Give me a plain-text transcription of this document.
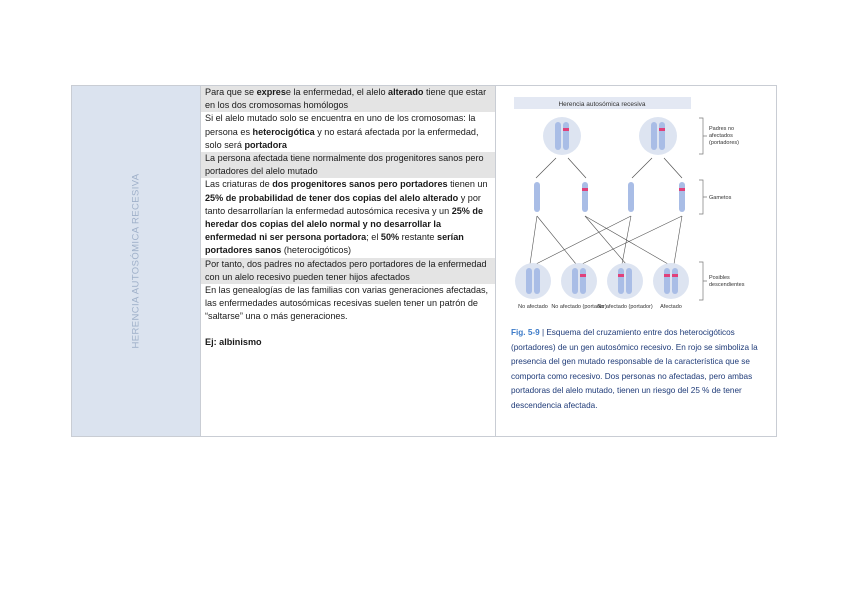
HERENCIA AUTOSÓMICA RECESIVA
Para que se exprese la enfermedad, el alelo alterado tiene que estar en los dos cromosomas homólogos
Si el alelo mutado solo se encuentra en uno de los cromosomas: la persona es heterocigótica y no estará afectada por la enfermedad, solo será portadora
La persona afectada tiene normalmente dos progenitores sanos pero portadores del alelo mutado
Las criaturas de dos progenitores sanos pero portadores tienen un 25% de probabilidad de tener dos copias del alelo alterado y por tanto desarrollarían la enfermedad autosómica recesiva y un 25% de heredar dos copias del alelo normal y no desarrollar la enfermedad ni ser persona portadora; el 50% restante serían portadores sanos (heterocigóticos)
Por tanto, dos padres no afectados pero portadores de la enfermedad con un alelo recesivo pueden tener hijos afectados
En las genealogías de las familias con varias generaciones afectadas, las enfermedades autosómicas recesivas suelen tener un patrón de “saltarse” una o más generaciones.
Ej: albinismo
Herencia autosómica recesiva
No afectado No afectado (portador)
No afectado (portador) Afectado
Padres no afectados (portadores)
Gametos
Posibles descendientes
Fig. 5-9 | Esquema del cruzamiento entre dos heterocigóticos (portadores) de un gen autosómico recesivo. En rojo se simboliza la presencia del gen mutado responsable de la característica que se comporta como recesivo. Dos personas no afectadas, pero ambas portadoras del alelo mutado, tienen un riesgo del 25 % de tener descendencia afectada.
